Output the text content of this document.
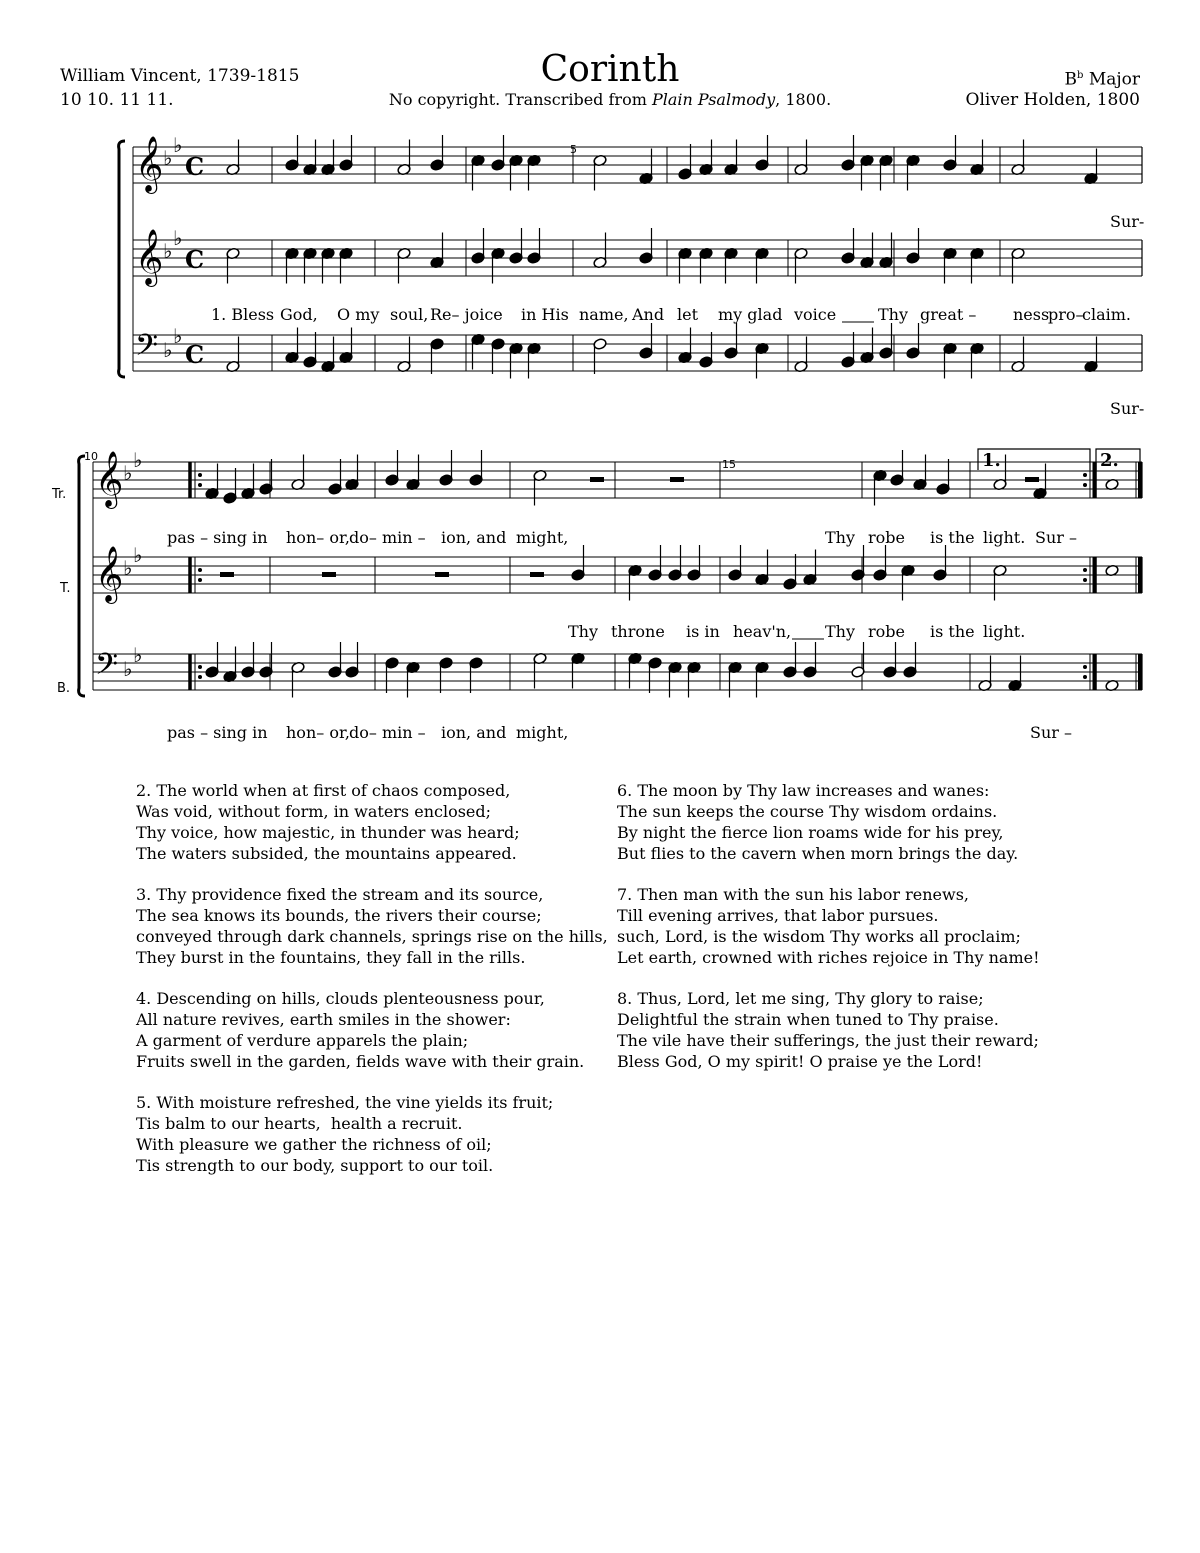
William Vincent, 1739-1815
10 10. 11 11.
Corinth
No copyright. Transcribed from Plain Psalmody, 1800.
$B^b$ Major
Oliver Holden, 1800
𝄞 ♭
♭
C
𝄞 ♭
♭
C
𝄢 ♭
♭
C
𝄞 ♭
♭
𝄞 ♭
♭
𝄢 ♭
♭
5
10
15	1.	2.
Tr.
T.
B.
Sur-
1. Bless God, O my soul, Re– joice in His name, And let my glad voice	Thy great – ness
pro–
claim.
Sur-
pas – sing in hon– or, do– min – ion, and might,	Thy robe is the light. Sur –
Thy throne is in heav'n, Thy robe is the light.
pas – sing in hon– or, do– min – ion, and might,	Sur –

2. The world when at first of chaos composed,
Was void, without form, in waters enclosed;
Thy voice, how majestic, in thunder was heard;
The waters subsided, the mountains appeared.

3. Thy providence fixed the stream and its source,
The sea knows its bounds, the rivers their course;
conveyed through dark channels, springs rise on the hills,
They burst in the fountains, they fall in the rills.

4. Descending on hills, clouds plenteousness pour,
All nature revives, earth smiles in the shower:
A garment of verdure apparels the plain;
Fruits swell in the garden, fields wave with their grain.

5. With moisture refreshed, the vine yields its fruit;
Tis balm to our hearts,  health a recruit.
With pleasure we gather the richness of oil;
Tis strength to our body, support to our toil.

6. The moon by Thy law increases and wanes:
The sun keeps the course Thy wisdom ordains.
By night the fierce lion roams wide for his prey,
But flies to the cavern when morn brings the day.

7. Then man with the sun his labor renews,
Till evening arrives, that labor pursues.
such, Lord, is the wisdom Thy works all proclaim;
Let earth, crowned with riches rejoice in Thy name!

8. Thus, Lord, let me sing, Thy glory to raise;
Delightful the strain when tuned to Thy praise.
The vile have their sufferings, the just their reward;
Bless God, O my spirit! O praise ye the Lord!
